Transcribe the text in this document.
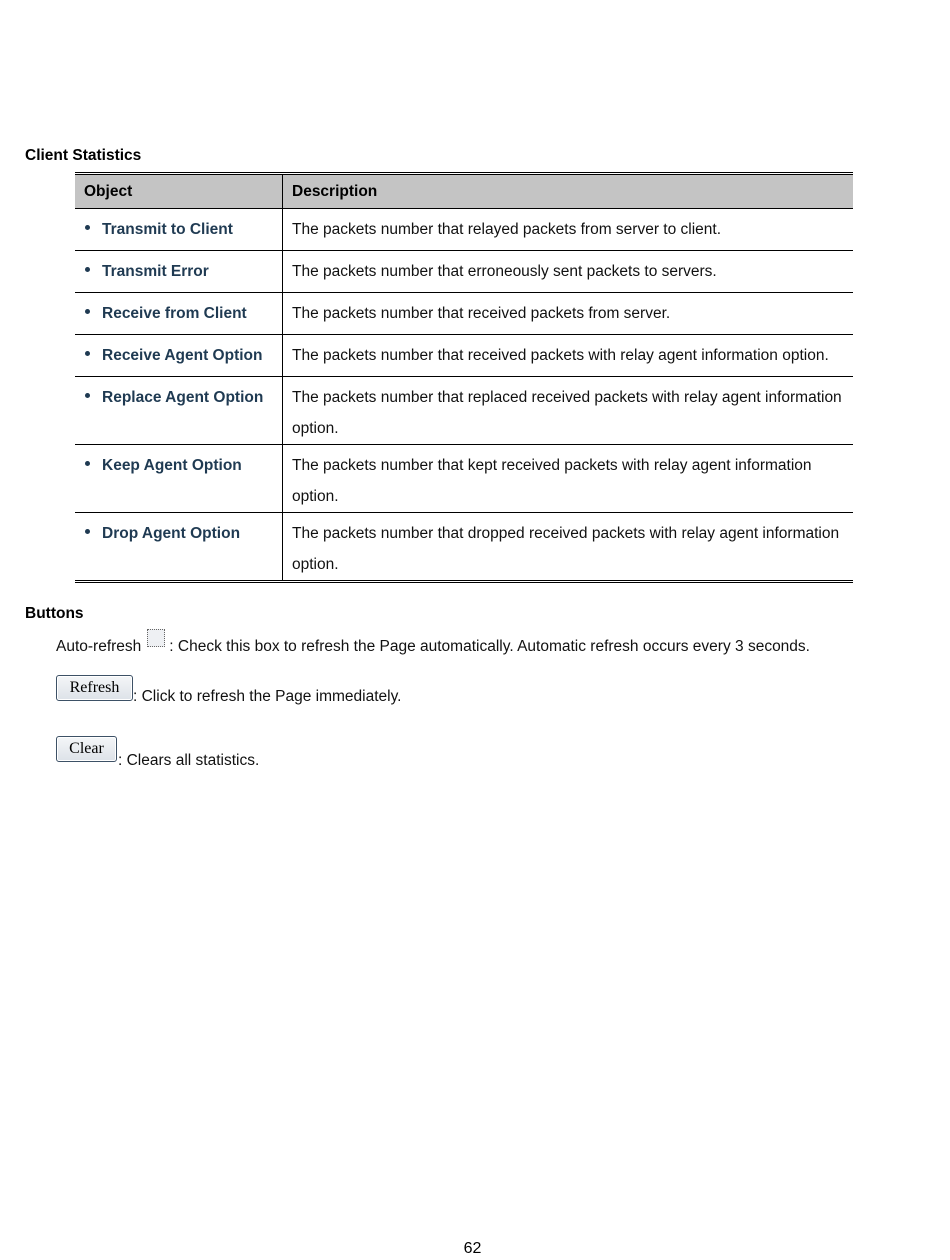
Client Statistics
Object	Description
Transmit to Client	The packets number that relayed packets from server to client.
Transmit Error	The packets number that erroneously sent packets to servers.
Receive from Client	The packets number that received packets from server.
Receive Agent Option	The packets number that received packets with relay agent information option.
Replace Agent Option	The packets number that replaced received packets with relay agent information option.
Keep Agent Option	The packets number that kept received packets with relay agent information option.
Drop Agent Option	The packets number that dropped received packets with relay agent information option.
Buttons
Auto-refresh : Check this box to refresh the Page automatically. Automatic refresh occurs every 3 seconds.
Refresh
: Click to refresh the Page immediately.
Clear
: Clears all statistics.
62
